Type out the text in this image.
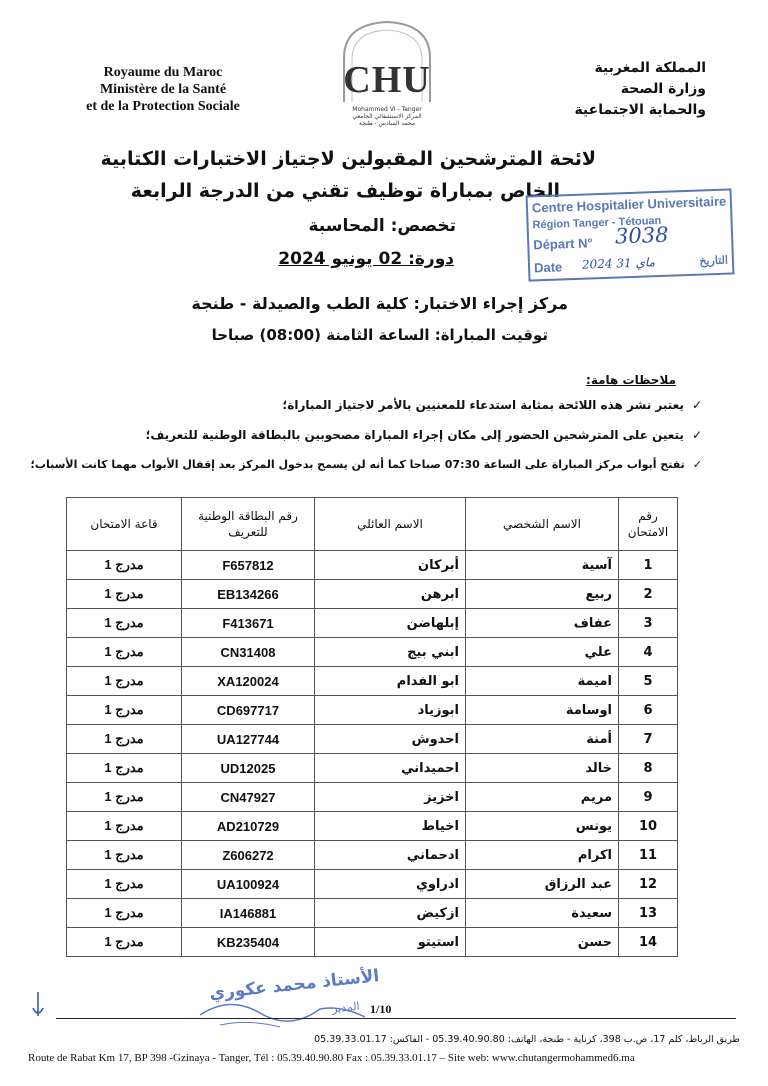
Royaume du Maroc
Ministère de la Santé
et de la Protection Sociale
CHU
Mohammed VI - Tanger
المركز الاستشفائي الجامعي
محمد السادس - طنجة
المملكة المغربية
وزارة الصحة
والحماية الاجتماعية
لائحة المترشحين المقبولين لاجتياز الاختبارات الكتابية
الخاص بمباراة توظيف تقني من الدرجة الرابعة
تخصص: المحاسبة
دورة: 02 يونيو 2024
مركز إجراء الاختبار: كلية الطب والصيدلة - طنجة
توقيت المباراة: الساعة الثامنة (08:00) صباحا
Centre Hospitalier Universitaire
Région Tanger - Tétouan
Départ N° 3038
Date 2024 ماي 31	التاريخ
ملاحظات هامة:
✓يعتبر نشر هذه اللائحة بمثابة استدعاء للمعنيين بالأمر لاجتياز المباراة؛
✓يتعين على المترشحين الحضور إلى مكان إجراء المباراة مصحوبين بالبطاقة الوطنية للتعريف؛
✓تفتح أبواب مركز المباراة على الساعة 07:30 صباحا كما أنه لن يسمح بدخول المركز بعد إقفال الأبواب مهما كانت الأسباب؛
رقم الامتحان	الاسم الشخصي	الاسم العائلي	رقم البطاقة الوطنية للتعريف	قاعة الامتحان
1	آسية	أبركان	F657812	مدرج 1
2	ربيع	ابرهن	EB134266	مدرج 1
3	عفاف	إبلهاضن	F413671	مدرج 1
4	علي	ابني بيج	CN31408	مدرج 1
5	اميمة	ابو الفدام	XA120024	مدرج 1
6	اوسامة	ابوزياد	CD697717	مدرج 1
7	أمنة	احدوش	UA127744	مدرج 1
8	خالد	احميداني	UD12025	مدرج 1
9	مريم	اخزيز	CN47927	مدرج 1
10	يونس	اخياط	AD210729	مدرج 1
11	اكرام	ادحماني	Z606272	مدرج 1
12	عبد الرزاق	ادراوي	UA100924	مدرج 1
13	سعيدة	ازكيض	IA146881	مدرج 1
14	حسن	استيتو	KB235404	مدرج 1
الأستاذ محمد عكوري
المدير 1/10
طريق الرباط، كلم 17، ص.ب 398، كزناية - طنجة، الهاتف: 05.39.40.90.80 - الفاكس: 05.39.33.01.17
Route de Rabat Km 17, BP 398 -Gzinaya - Tanger, Tél : 05.39.40.90.80 Fax : 05.39.33.01.17 – Site web: www.chutangermohammed6.ma
